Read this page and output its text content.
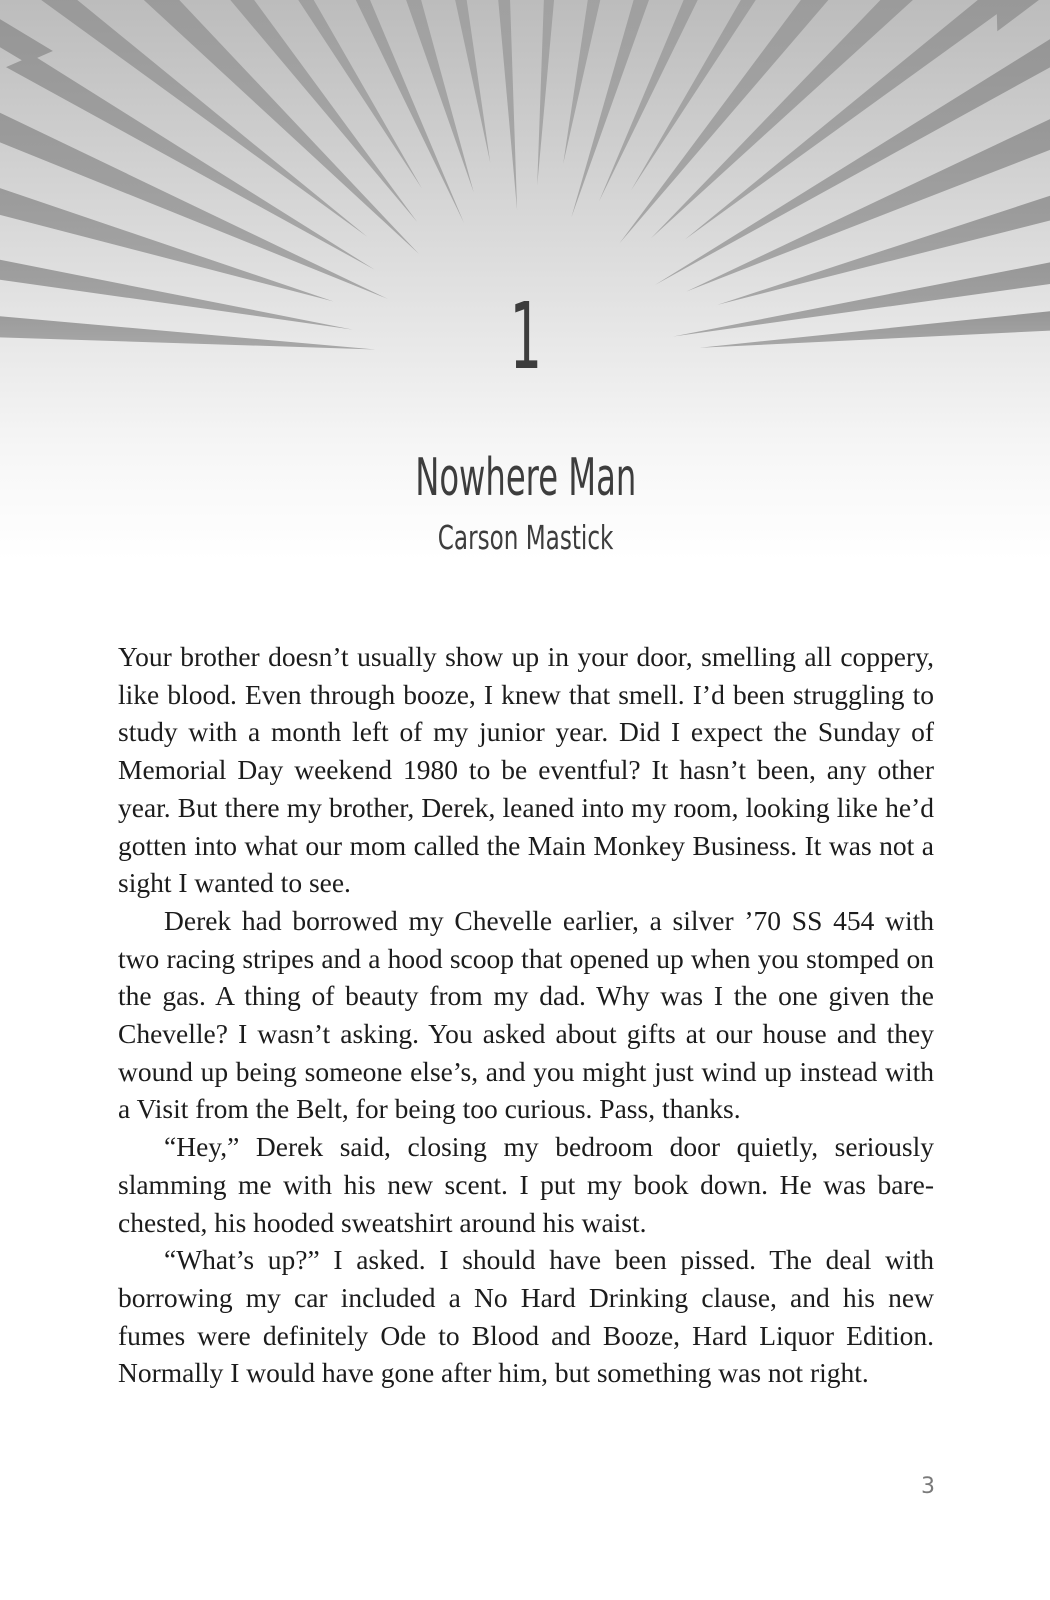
1
Nowhere Man
Carson Mastick

Your brother doesn’t usually show up in your door, smelling all coppery, like blood. Even through booze, I knew that smell. I’d been struggling to study with a month left of my junior year. Did I expect the Sunday of Memorial Day weekend 1980 to be eventful? It hasn’t been, any other year. But there my brother, Derek, leaned into my room, looking like he’d gotten into what our mom called the Main Monkey Business. It was not a sight I wanted to see.

Derek had borrowed my Chevelle earlier, a silver ’70 SS 454 with two racing stripes and a hood scoop that opened up when you stomped on the gas. A thing of beauty from my dad. Why was I the one given the Chevelle? I wasn’t asking. You asked about gifts at our house and they wound up being someone else’s, and you might just wind up instead with a Visit from the Belt, for being too curious. Pass, thanks.

“Hey,” Derek said, closing my bedroom door quietly, seriously slamming me with his new scent. I put my book down. He was barechested, his hooded sweatshirt around his waist.

“What’s up?” I asked. I should have been pissed. The deal with borrowing my car included a No Hard Drinking clause, and his new fumes were definitely Ode to Blood and Booze, Hard Liquor Edition. Normally I would have gone after him, but something was not right.

3
